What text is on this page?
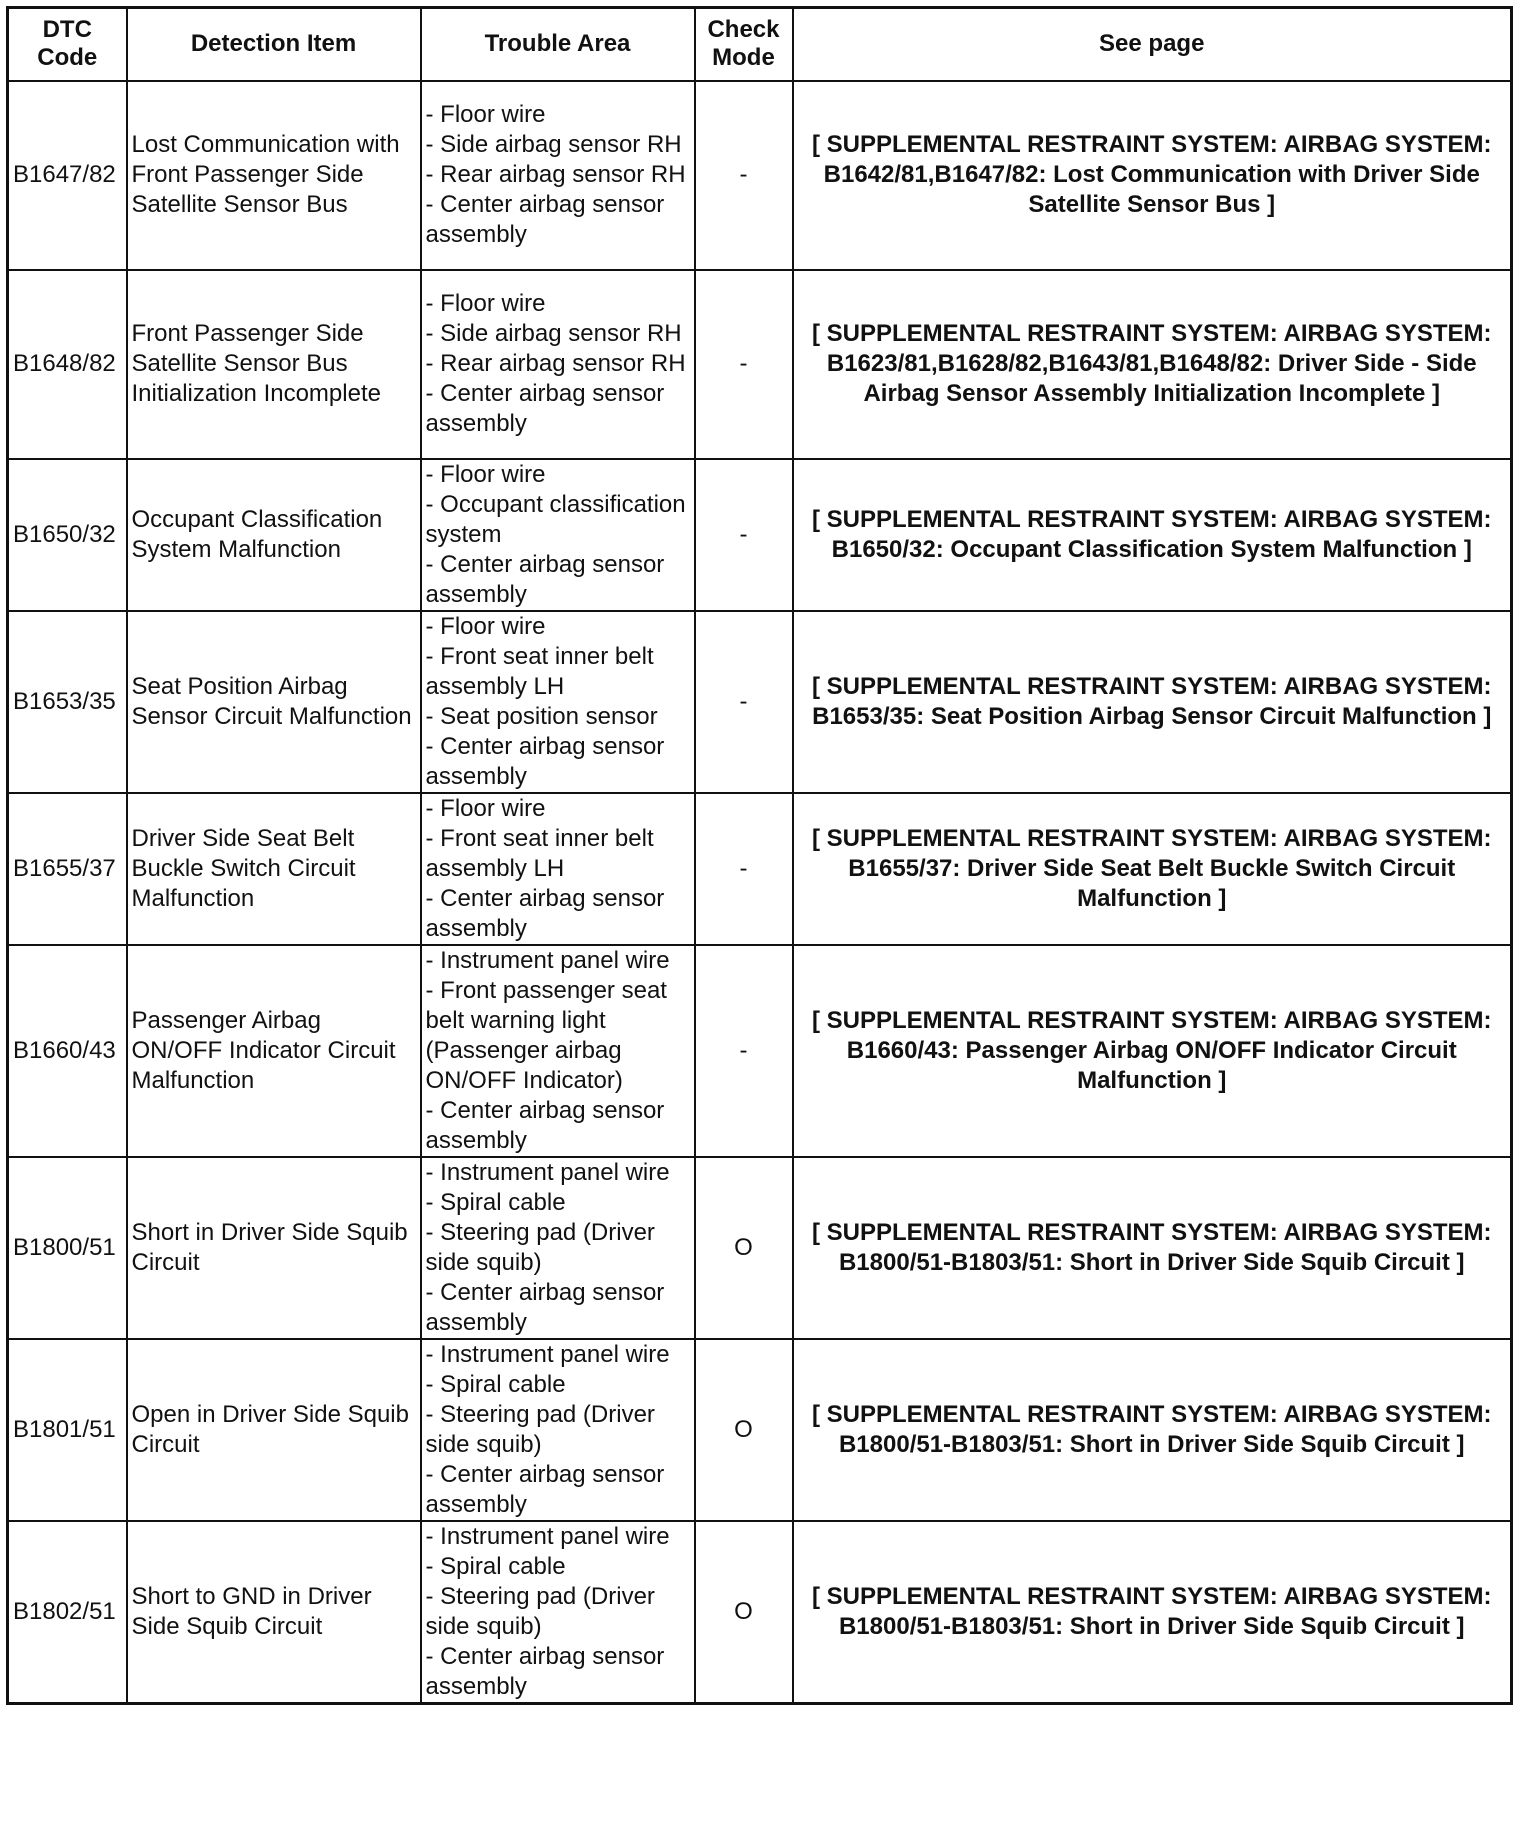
DTC Code	Detection Item	Trouble Area	Check Mode	See page
B1647/82	Lost Communication with Front Passenger Side Satellite Sensor Bus	- Floor wire
- Side airbag sensor RH
- Rear airbag sensor RH
- Center airbag sensor assembly	-	[ SUPPLEMENTAL RESTRAINT SYSTEM: AIRBAG SYSTEM: B1642/81,B1647/82: Lost Communication with Driver Side Satellite Sensor Bus ]
B1648/82	Front Passenger Side Satellite Sensor Bus Initialization Incomplete	- Floor wire
- Side airbag sensor RH
- Rear airbag sensor RH
- Center airbag sensor assembly	-	[ SUPPLEMENTAL RESTRAINT SYSTEM: AIRBAG SYSTEM: B1623/81,B1628/82,B1643/81,B1648/82: Driver Side - Side Airbag Sensor Assembly Initialization Incomplete ]
B1650/32	Occupant Classification System Malfunction	- Floor wire
- Occupant classification system
- Center airbag sensor assembly	-	[ SUPPLEMENTAL RESTRAINT SYSTEM: AIRBAG SYSTEM: B1650/32: Occupant Classification System Malfunction ]
B1653/35	Seat Position Airbag Sensor Circuit Malfunction	- Floor wire
- Front seat inner belt assembly LH
- Seat position sensor
- Center airbag sensor assembly	-	[ SUPPLEMENTAL RESTRAINT SYSTEM: AIRBAG SYSTEM: B1653/35: Seat Position Airbag Sensor Circuit Malfunction ]
B1655/37	Driver Side Seat Belt Buckle Switch Circuit Malfunction	- Floor wire
- Front seat inner belt assembly LH
- Center airbag sensor assembly	-	[ SUPPLEMENTAL RESTRAINT SYSTEM: AIRBAG SYSTEM: B1655/37: Driver Side Seat Belt Buckle Switch Circuit Malfunction ]
B1660/43	Passenger Airbag ON/OFF Indicator Circuit Malfunction	- Instrument panel wire
- Front passenger seat belt warning light (Passenger airbag ON/OFF Indicator)
- Center airbag sensor assembly	-	[ SUPPLEMENTAL RESTRAINT SYSTEM: AIRBAG SYSTEM: B1660/43: Passenger Airbag ON/OFF Indicator Circuit Malfunction ]
B1800/51	Short in Driver Side Squib Circuit	- Instrument panel wire
- Spiral cable
- Steering pad (Driver side squib)
- Center airbag sensor assembly	O	[ SUPPLEMENTAL RESTRAINT SYSTEM: AIRBAG SYSTEM: B1800/51-B1803/51: Short in Driver Side Squib Circuit ]
B1801/51	Open in Driver Side Squib Circuit	- Instrument panel wire
- Spiral cable
- Steering pad (Driver side squib)
- Center airbag sensor assembly	O	[ SUPPLEMENTAL RESTRAINT SYSTEM: AIRBAG SYSTEM: B1800/51-B1803/51: Short in Driver Side Squib Circuit ]
B1802/51	Short to GND in Driver Side Squib Circuit	- Instrument panel wire
- Spiral cable
- Steering pad (Driver side squib)
- Center airbag sensor assembly	O	[ SUPPLEMENTAL RESTRAINT SYSTEM: AIRBAG SYSTEM: B1800/51-B1803/51: Short in Driver Side Squib Circuit ]
